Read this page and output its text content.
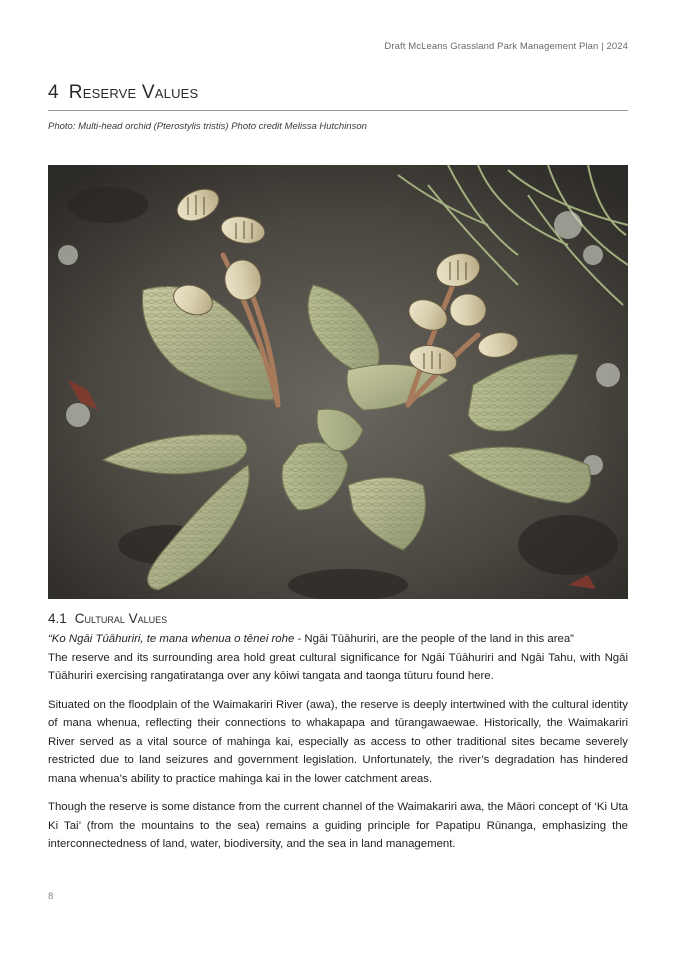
Draft McLeans Grassland Park Management Plan | 2024
4 Reserve Values
Photo: Multi-head orchid (Pterostylis tristis) Photo credit Melissa Hutchinson
4.1 Cultural Values

“Ko Ngāi Tūāhuriri, te mana whenua o tēnei rohe - Ngāi Tūāhuriri, are the people of the land in this area”

The reserve and its surrounding area hold great cultural significance for Ngāi Tūāhuriri and Ngāi Tahu, with Ngāi Tūāhuriri exercising rangatiratanga over any kōiwi tangata and taonga tūturu found here.

Situated on the floodplain of the Waimakariri River (awa), the reserve is deeply intertwined with the cultural identity of mana whenua, reflecting their connections to whakapapa and tūrangawaewae. Historically, the Waimakariri River served as a vital source of mahinga kai, especially as access to other traditional sites became severely restricted due to land seizures and government legislation. Unfortunately, the river’s degradation has hindered mana whenua’s ability to practice mahinga kai in the lower catchment areas.

Though the reserve is some distance from the current channel of the Waimakariri awa, the Māori concept of ‘Ki Uta Ki Tai’ (from the mountains to the sea) remains a guiding principle for Papatipu Rūnanga, emphasizing the interconnectedness of land, water, biodiversity, and the sea in land management.

8
